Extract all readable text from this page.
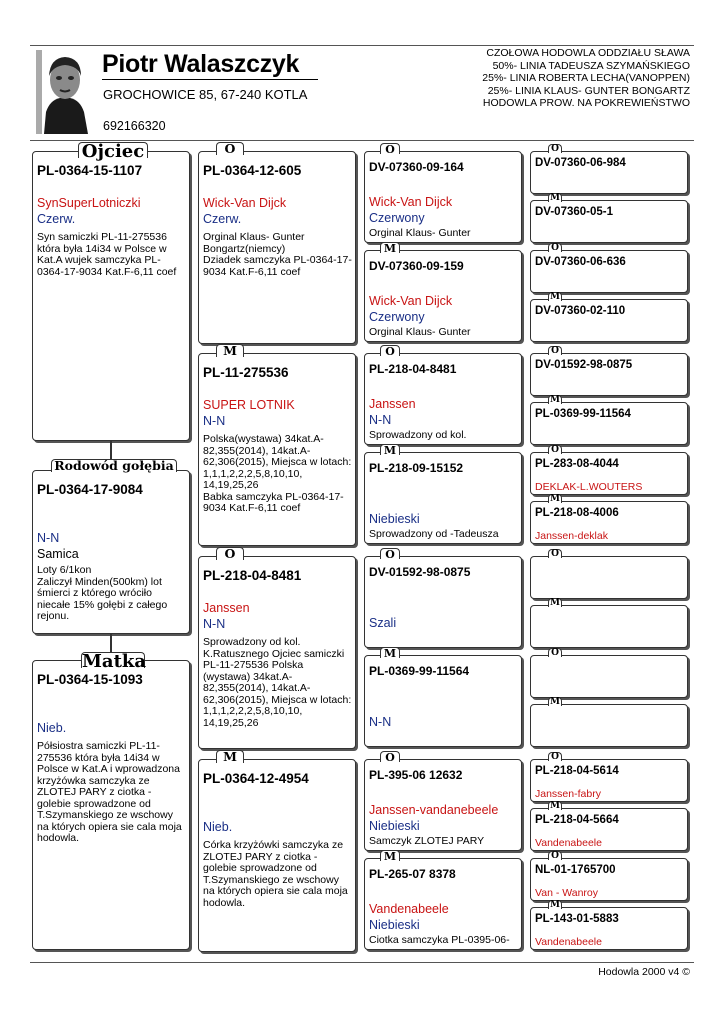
Piotr Walaszczyk
GROCHOWICE 85, 67-240 KOTLA
692166320
CZOŁOWA HODOWLA ODDZIAŁU SŁAWA
50%- LINIA TADEUSZA SZYMAŃSKIEGO
25%- LINIA ROBERTA LECHA(VANOPPEN)
25%- LINIA KLAUS- GUNTER BONGARTZ
HODOWLA PROW. NA POKREWIEŃSTWO
PL-0364-15-1107
SynSuperLotniczki
Czerw.
Syn samiczki PL-11-275536 która była 14i34 w Polsce w Kat.A wujek samczyka PL-0364-17-9034 Kat.F-6,11 coef
Ojciec
PL-0364-17-9084
N-N
Samica
Loty 6/1kon
Zaliczył Minden(500km) lot śmierci z którego wróciło niecałe 15% gołębi z całego rejonu.
Rodowód gołębia
PL-0364-15-1093
Nieb.
Półsiostra samiczki PL-11-275536 która była 14i34 w Polsce w Kat.A i wprowadzona krzyżówka samczyka ze ZLOTEJ PARY z ciotka - golebie sprowadzone od T.Szymanskiego ze wschowy na których opiera sie cala moja hodowla.
Matka
PL-0364-12-605
Wick-Van Dijck
Czerw.
Orginal Klaus- Gunter Bongartz(niemcy)
Dziadek samczyka PL-0364-17-9034 Kat.F-6,11 coef
O
PL-11-275536
SUPER LOTNIK
N-N
Polska(wystawa) 34kat.A-82,355(2014), 14kat.A-62,306(2015), Miejsca w lotach: 1,1,1,2,2,2,5,8,10,10, 14,19,25,26
Babka samczyka PL-0364-17-9034 Kat.F-6,11 coef
M
PL-218-04-8481
Janssen
N-N
Sprowadzony od kol. K.Ratusznego Ojciec samiczki PL-11-275536 Polska (wystawa) 34kat.A-82,355(2014), 14kat.A-62,306(2015), Miejsca w lotach: 1,1,1,2,2,2,5,8,10,10, 14,19,25,26
O
PL-0364-12-4954
Nieb.
Córka krzyżówki samczyka ze ZLOTEJ PARY z ciotka - golebie sprowadzone od T.Szymanskiego ze wschowy na których opiera sie cala moja hodowla.
M
DV-07360-09-164
Wick-Van Dijck
Czerwony
Orginal Klaus- Gunter
O
DV-07360-09-159
Wick-Van Dijck
Czerwony
Orginal Klaus- Gunter
M
PL-218-04-8481
Janssen
N-N
Sprowadzony od kol.
O
PL-218-09-15152
Niebieski
Sprowadzony od -Tadeusza
M
DV-01592-98-0875
Szali
O
PL-0369-99-11564
N-N
M
PL-395-06 12632
Janssen-vandanebeele
Niebieski
Samczyk ZLOTEJ PARY
O
PL-265-07 8378
Vandenabeele
Niebieski
Ciotka samczyka PL-0395-06-
M
DV-07360-06-984
O
DV-07360-05-1
M
DV-07360-06-636
O
DV-07360-02-110
M
DV-01592-98-0875
O
PL-0369-99-11564
M
PL-283-08-4044
DEKLAK-L.WOUTERS
O
PL-218-08-4006
Janssen-deklak
M
O
M
O
M
PL-218-04-5614
Janssen-fabry
O
PL-218-04-5664
Vandenabeele
M
NL-01-1765700
Van - Wanroy
O
PL-143-01-5883
Vandenabeele
M
Hodowla 2000 v4 ©
